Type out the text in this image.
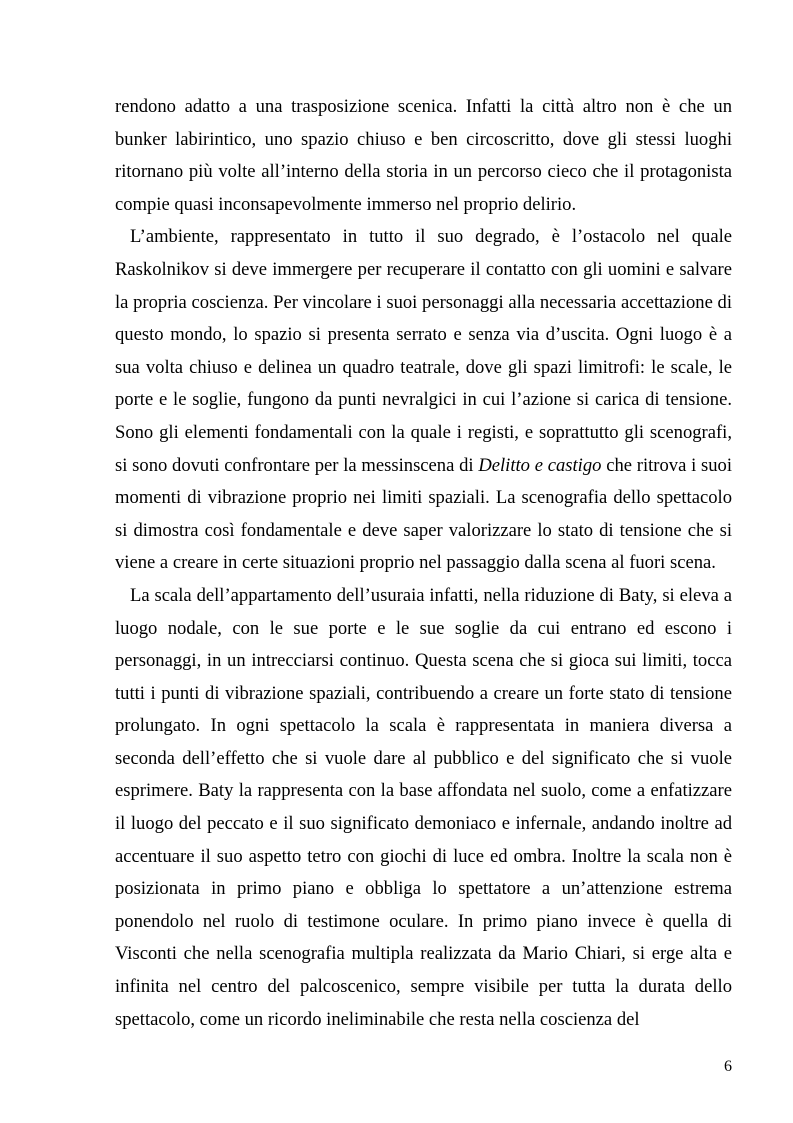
rendono adatto a una trasposizione scenica. Infatti la città altro non è che un bunker labirintico, uno spazio chiuso e ben circoscritto, dove gli stessi luoghi ritornano più volte all’interno della storia in un percorso cieco che il protagonista compie quasi inconsapevolmente immerso nel proprio delirio.

L’ambiente, rappresentato in tutto il suo degrado, è l’ostacolo nel quale Raskolnikov si deve immergere per recuperare il contatto con gli uomini e salvare la propria coscienza. Per vincolare i suoi personaggi alla necessaria accettazione di questo mondo, lo spazio si presenta serrato e senza via d’uscita. Ogni luogo è a sua volta chiuso e delinea un quadro teatrale, dove gli spazi limitrofi: le scale, le porte e le soglie, fungono da punti nevralgici in cui l’azione si carica di tensione. Sono gli elementi fondamentali con la quale i registi, e soprattutto gli scenografi, si sono dovuti confrontare per la messinscena di Delitto e castigo che ritrova i suoi momenti di vibrazione proprio nei limiti spaziali. La scenografia dello spettacolo si dimostra così fondamentale e deve saper valorizzare lo stato di tensione che si viene a creare in certe situazioni proprio nel passaggio dalla scena al fuori scena.

La scala dell’appartamento dell’usuraia infatti, nella riduzione di Baty, si eleva a luogo nodale, con le sue porte e le sue soglie da cui entrano ed escono i personaggi, in un intrecciarsi continuo. Questa scena che si gioca sui limiti, tocca tutti i punti di vibrazione spaziali, contribuendo a creare un forte stato di tensione prolungato. In ogni spettacolo la scala è rappresentata in maniera diversa a seconda dell’effetto che si vuole dare al pubblico e del significato che si vuole esprimere. Baty la rappresenta con la base affondata nel suolo, come a enfatizzare il luogo del peccato e il suo significato demoniaco e infernale, andando inoltre ad accentuare il suo aspetto tetro con giochi di luce ed ombra. Inoltre la scala non è posizionata in primo piano e obbliga lo spettatore a un’attenzione estrema ponendolo nel ruolo di testimone oculare. In primo piano invece è quella di Visconti che nella scenografia multipla realizzata da Mario Chiari, si erge alta e infinita nel centro del palcoscenico, sempre visibile per tutta la durata dello spettacolo, come un ricordo ineliminabile che resta nella coscienza del

6
